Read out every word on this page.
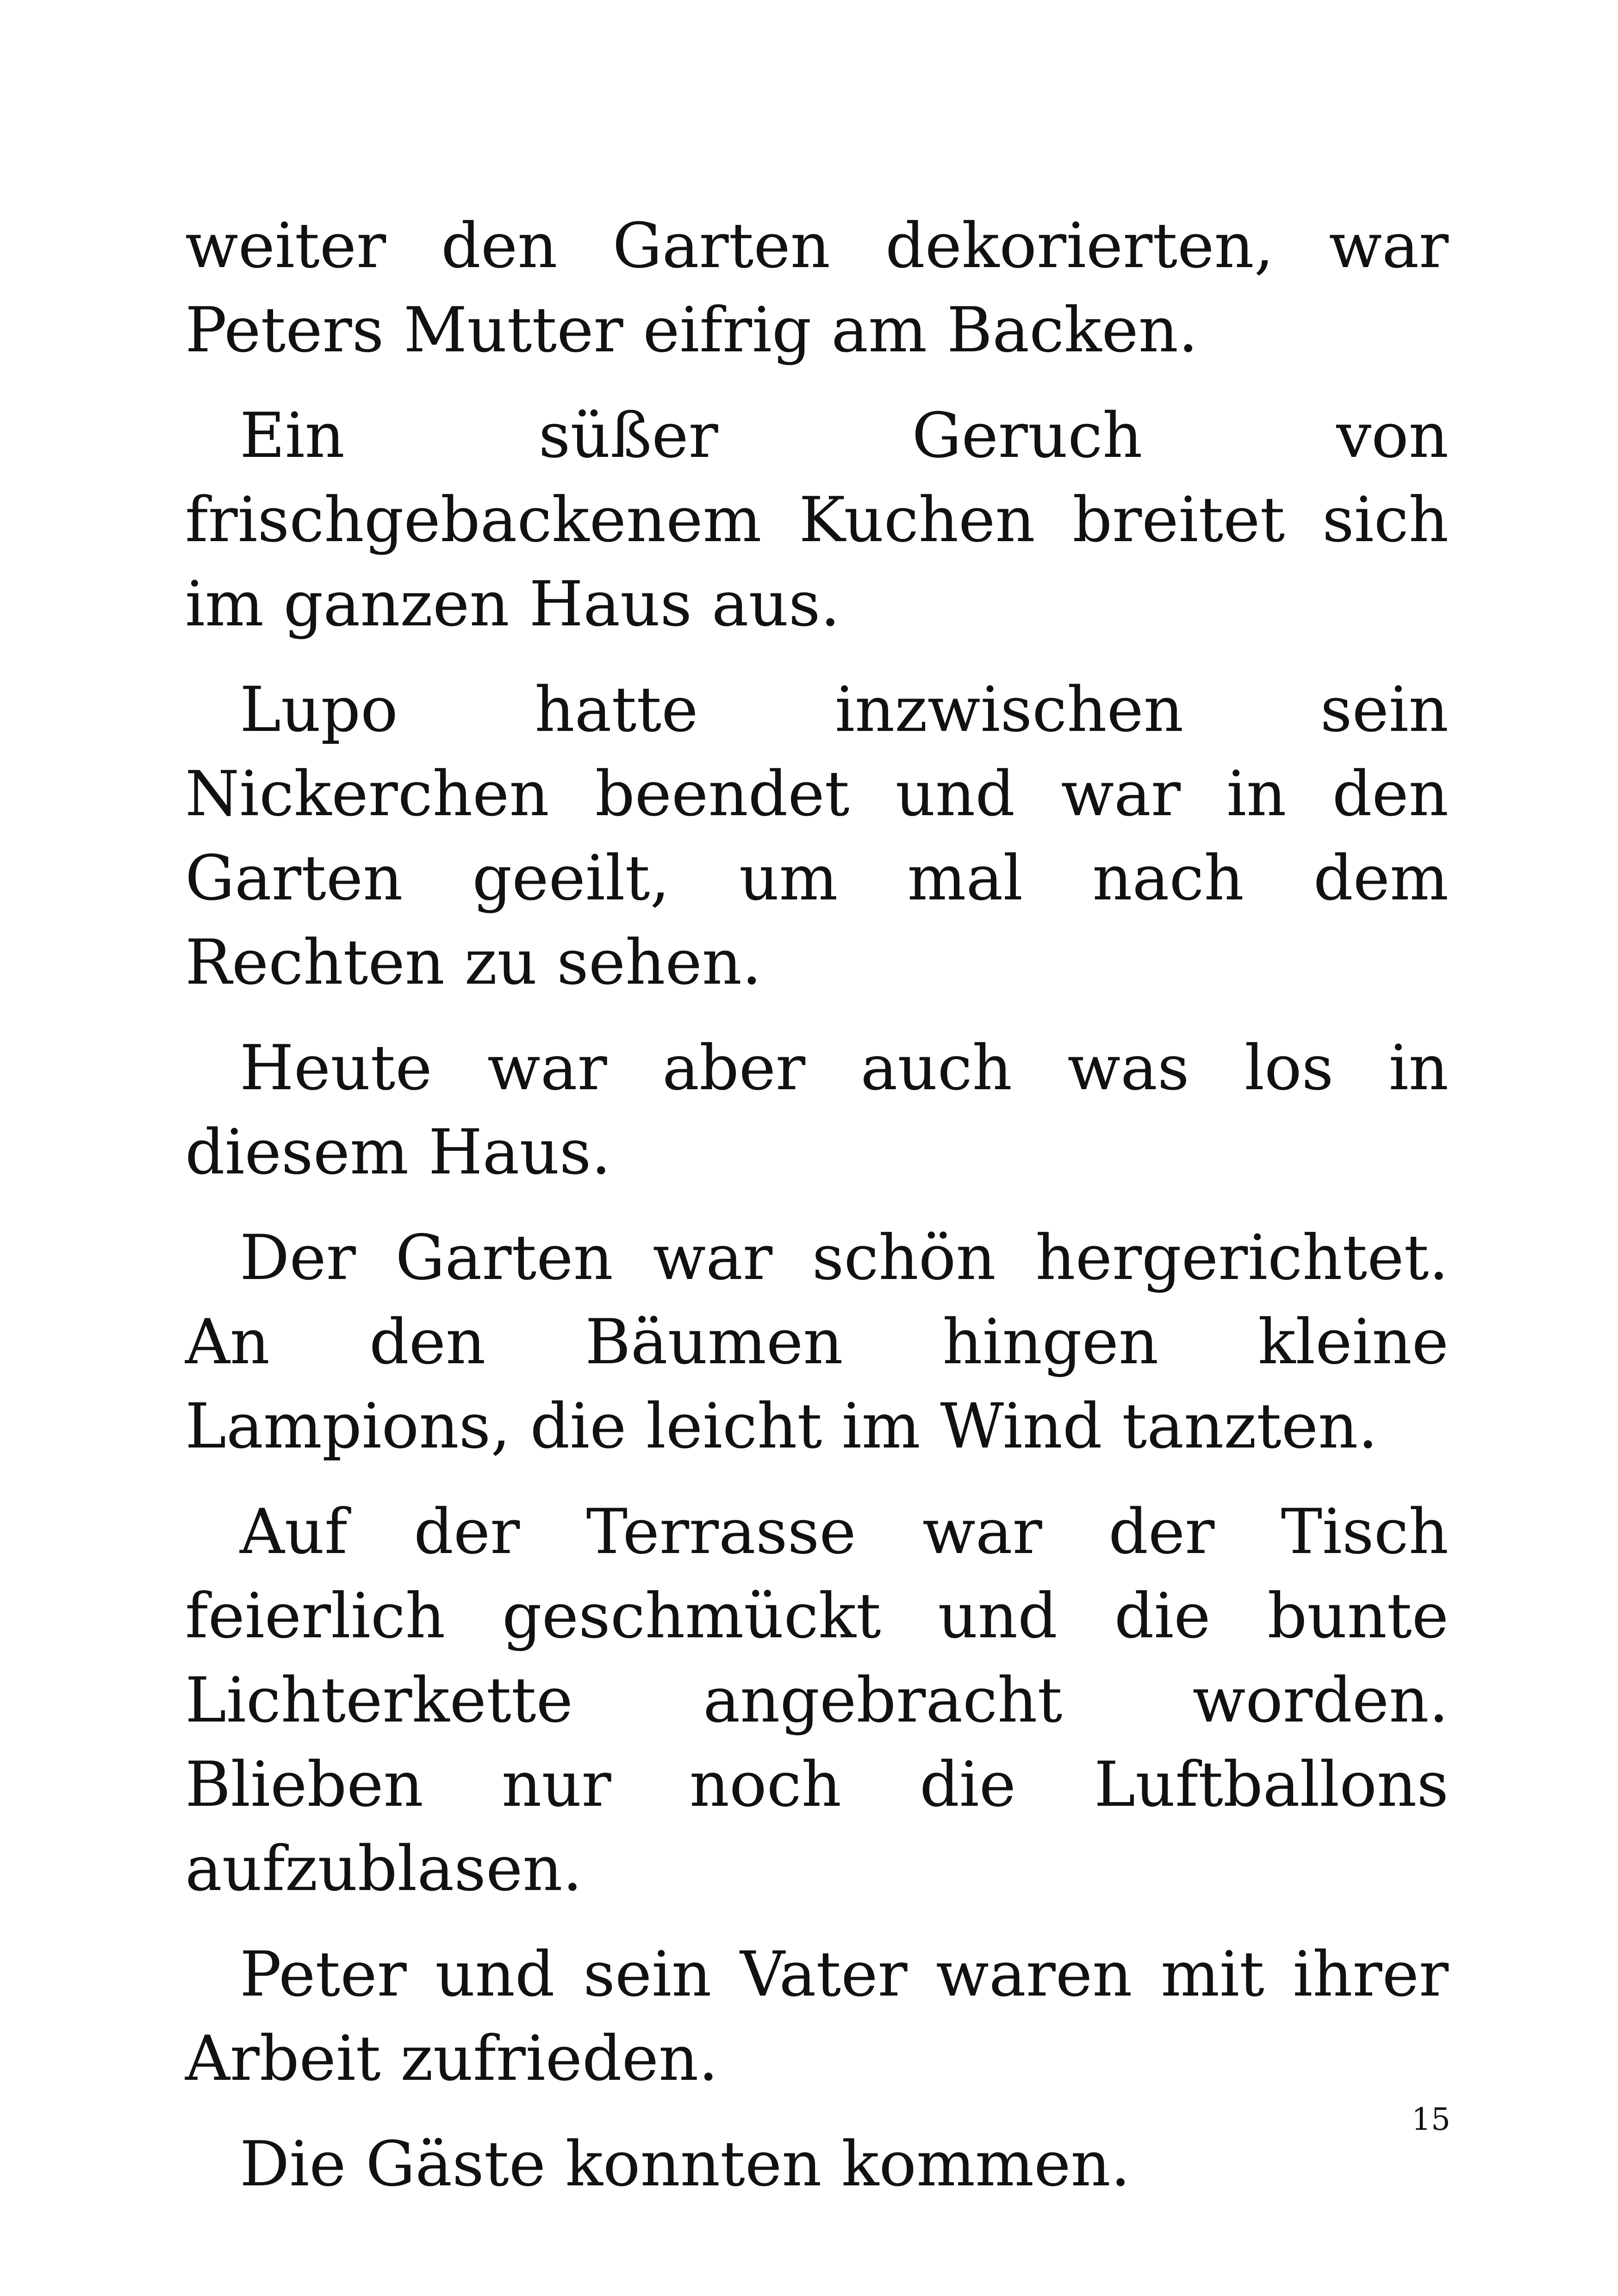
weiter den Garten dekorierten, war Peters Mutter eifrig am Backen.

Ein süßer Geruch von frischgebackenem Kuchen breitet sich im ganzen Haus aus.

Lupo hatte inzwischen sein Nickerchen beendet und war in den Garten geeilt, um mal nach dem Rechten zu sehen.

Heute war aber auch was los in diesem Haus.

Der Garten war schön hergerichtet. An den Bäumen hingen kleine Lampions, die leicht im Wind tanzten.

Auf der Terrasse war der Tisch feierlich geschmückt und die bunte Lichterkette angebracht worden. Blieben nur noch die Luftballons aufzublasen.

Peter und sein Vater waren mit ihrer Arbeit zufrieden.

Die Gäste konnten kommen.

15
